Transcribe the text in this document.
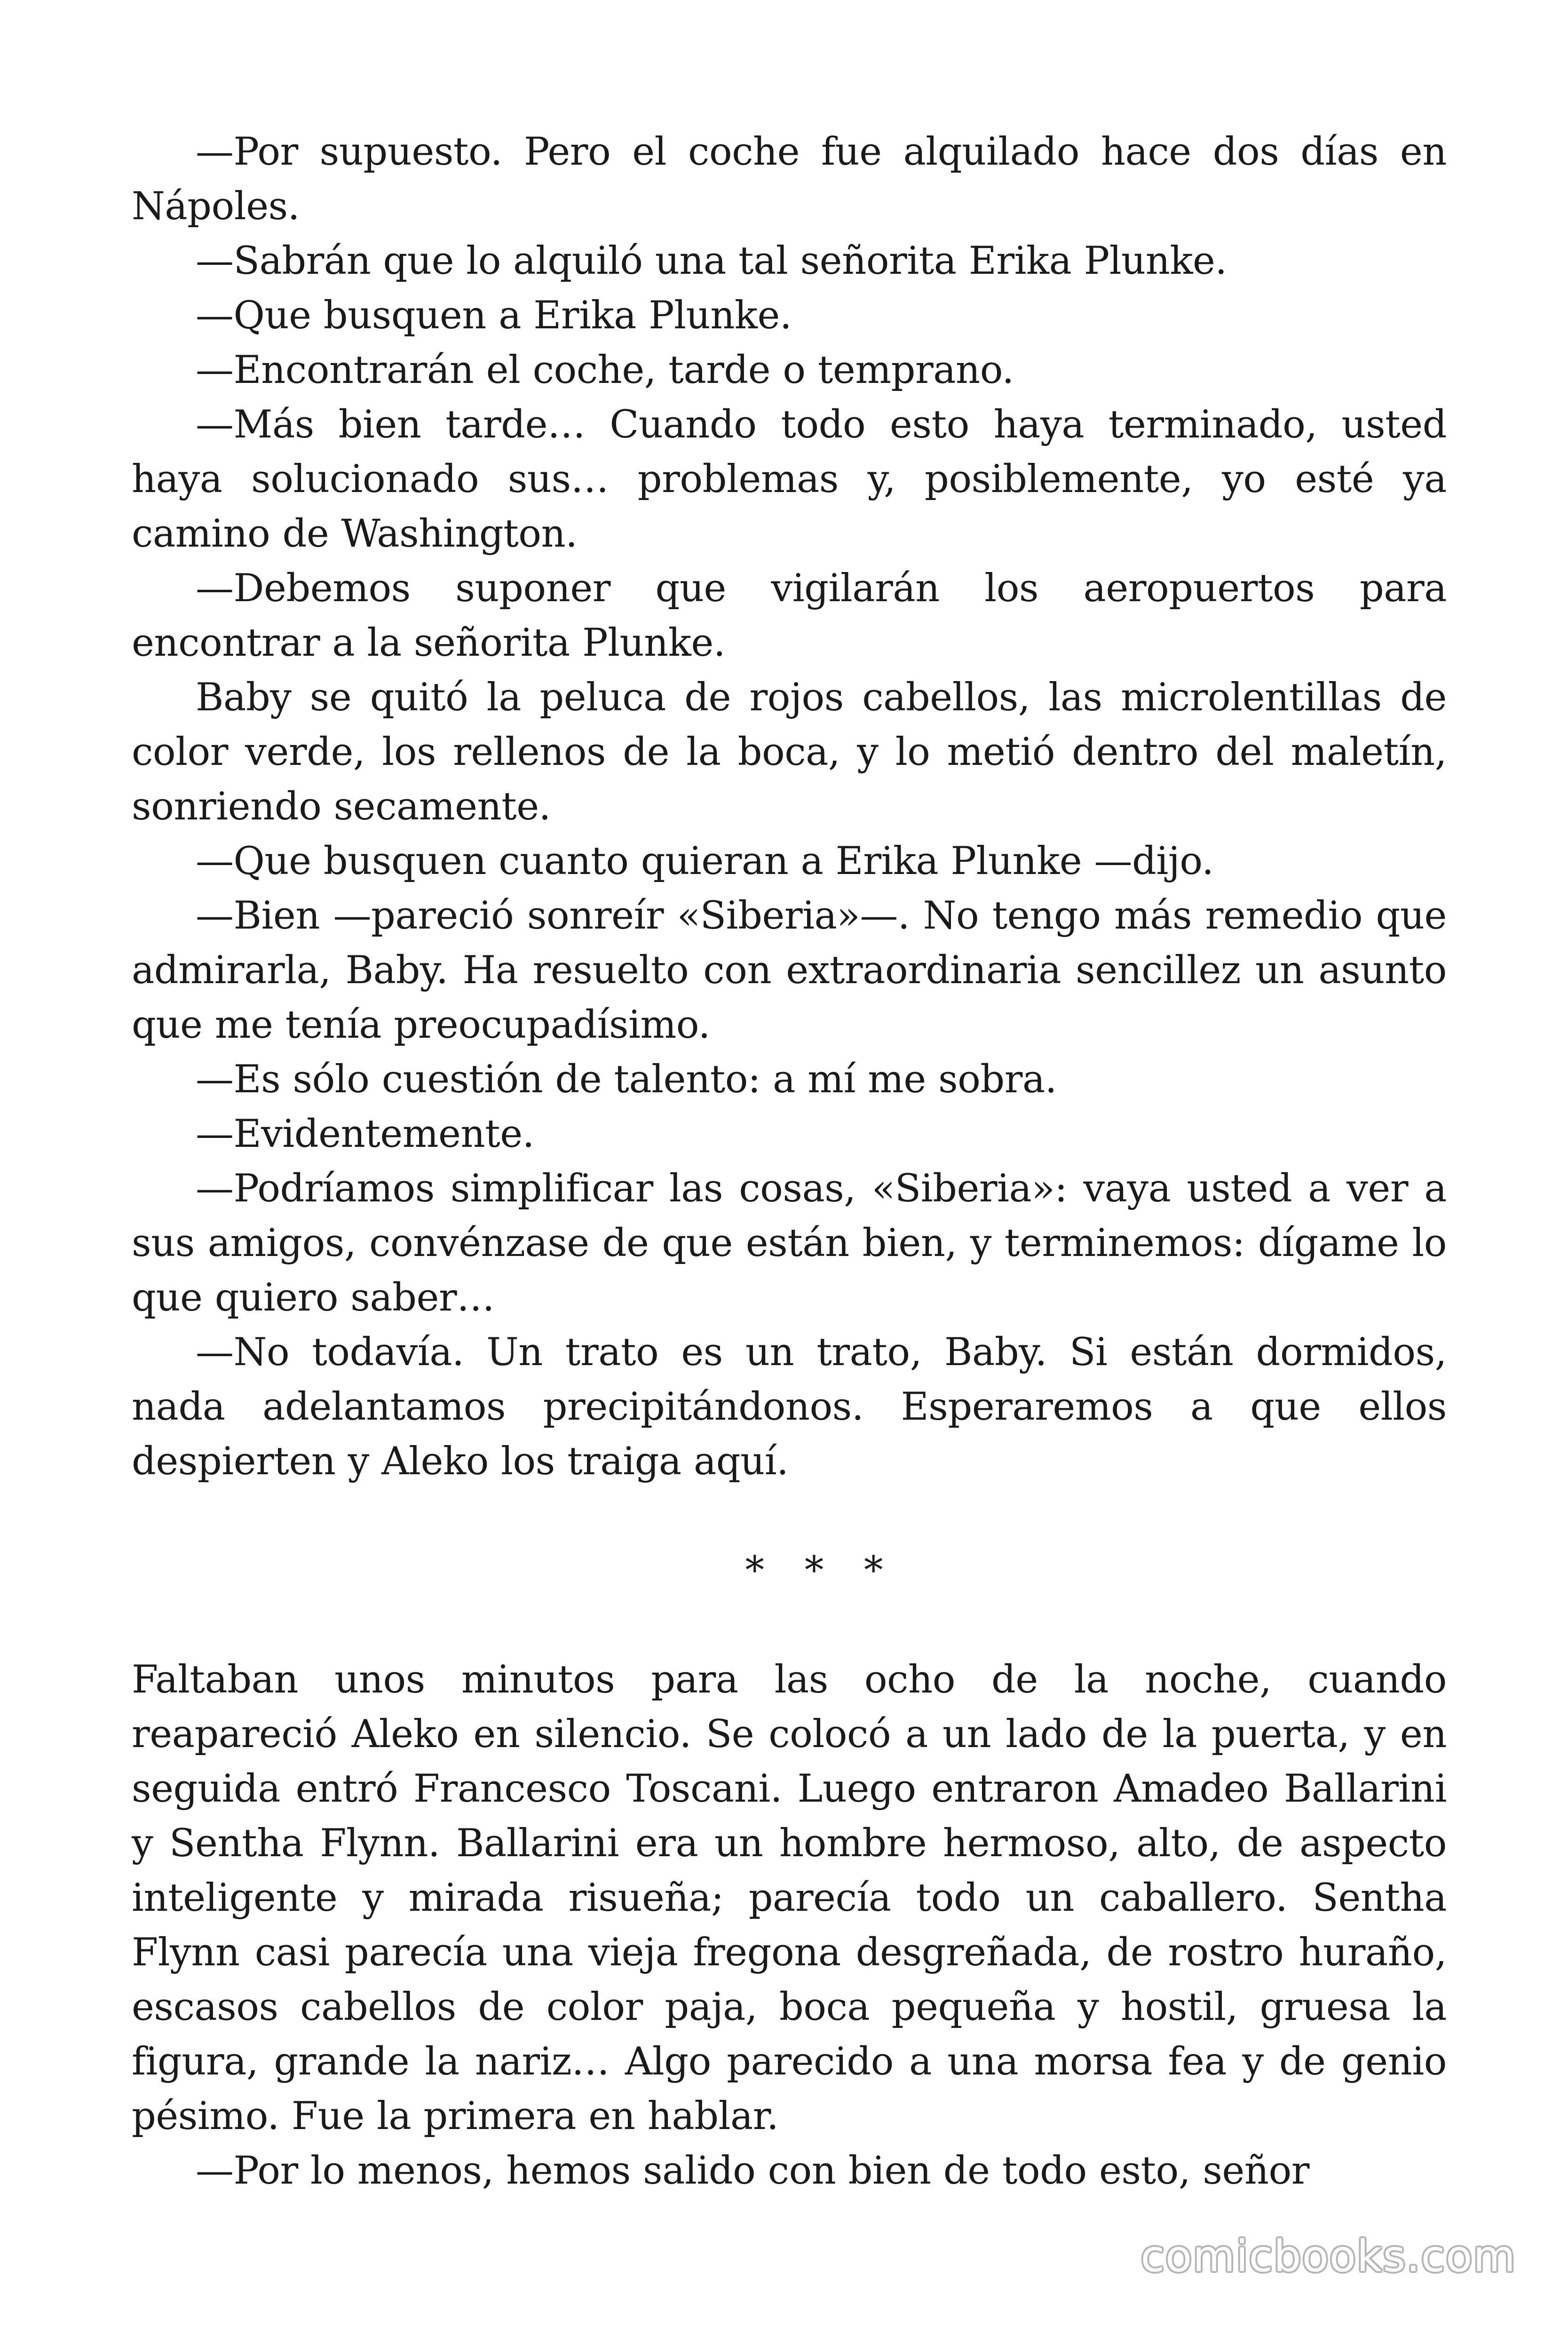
—Por supuesto. Pero el coche fue alquilado hace dos días en Nápoles.

—Sabrán que lo alquiló una tal señorita Erika Plunke.

—Que busquen a Erika Plunke.

—Encontrarán el coche, tarde o temprano.

—Más bien tarde… Cuando todo esto haya terminado, usted haya solucionado sus… problemas y, posiblemente, yo esté ya camino de Washington.

—Debemos suponer que vigilarán los aeropuertos para encontrar a la señorita Plunke.

Baby se quitó la peluca de rojos cabellos, las microlentillas de color verde, los rellenos de la boca, y lo metió dentro del maletín, sonriendo secamente.

—Que busquen cuanto quieran a Erika Plunke —dijo.

—Bien —pareció sonreír «Siberia»—. No tengo más remedio que admirarla, Baby. Ha resuelto con extraordinaria sencillez un asunto que me tenía preocupadísimo.

—Es sólo cuestión de talento: a mí me sobra.

—Evidentemente.

—Podríamos simplificar las cosas, «Siberia»: vaya usted a ver a sus amigos, convénzase de que están bien, y terminemos: dígame lo que quiero saber…

—No todavía. Un trato es un trato, Baby. Si están dormidos, nada adelantamos precipitándonos. Esperaremos a que ellos despierten y Aleko los traiga aquí.

* * *

Faltaban unos minutos para las ocho de la noche, cuando reapareció Aleko en silencio. Se colocó a un lado de la puerta, y en seguida entró Francesco Toscani. Luego entraron Amadeo Ballarini y Sentha Flynn. Ballarini era un hombre hermoso, alto, de aspecto inteligente y mirada risueña; parecía todo un caballero. Sentha Flynn casi parecía una vieja fregona desgreñada, de rostro huraño, escasos cabellos de color paja, boca pequeña y hostil, gruesa la figura, grande la nariz… Algo parecido a una morsa fea y de genio pésimo. Fue la primera en hablar.

—Por lo menos, hemos salido con bien de todo esto, señor

comicbooks.com
